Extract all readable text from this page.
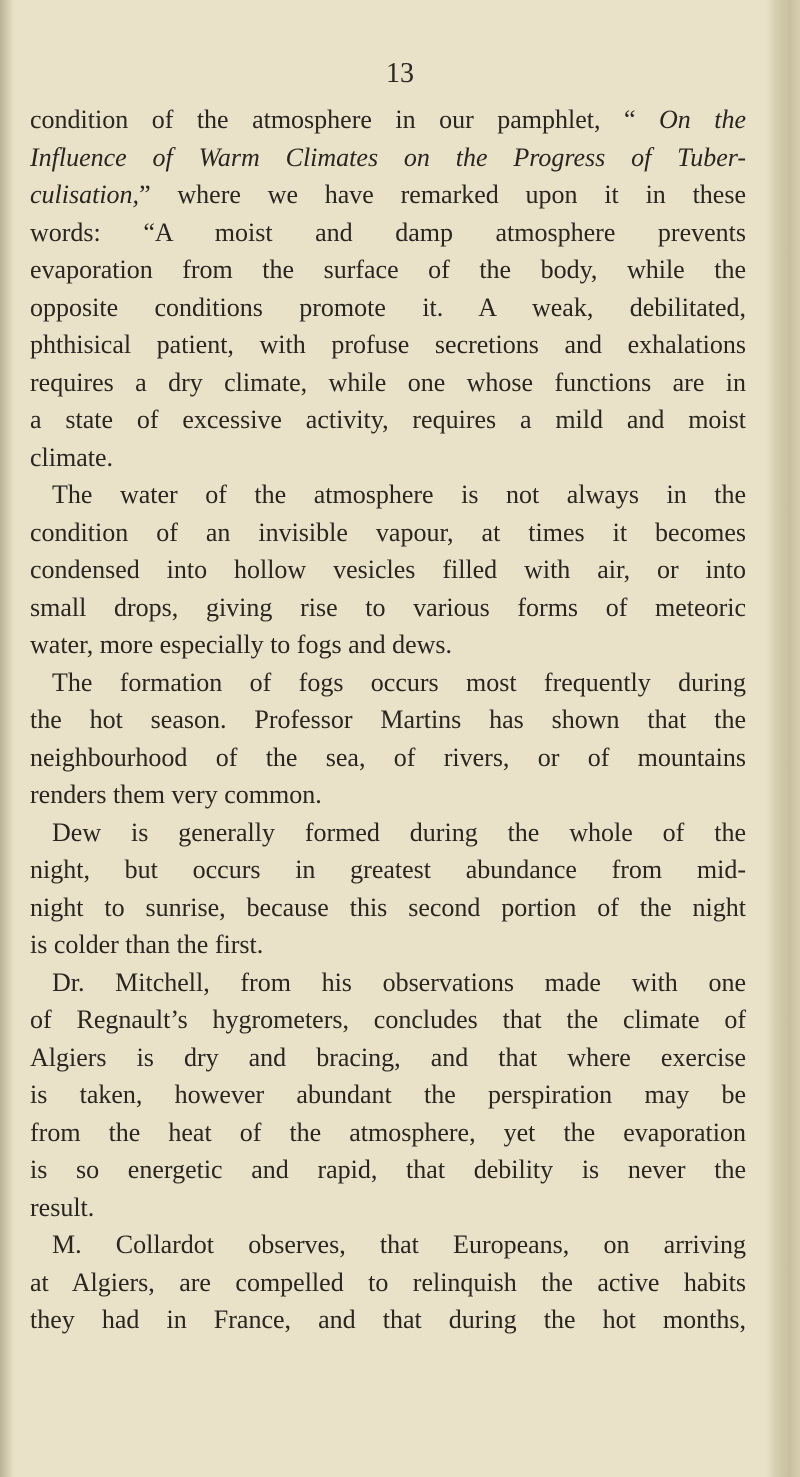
13
condition of the atmosphere in our pamphlet, “ On the
Influence of Warm Climates on the Progress of Tuber-
culisation,” where we have remarked upon it in these
words: “A moist and damp atmosphere prevents
evaporation from the surface of the body, while the
opposite conditions promote it. A weak, debilitated,
phthisical patient, with profuse secretions and exhalations
requires a dry climate, while one whose functions are in
a state of excessive activity, requires a mild and moist
climate.
The water of the atmosphere is not always in the
condition of an invisible vapour, at times it becomes
condensed into hollow vesicles filled with air, or into
small drops, giving rise to various forms of meteoric
water, more especially to fogs and dews.
The formation of fogs occurs most frequently during
the hot season. Professor Martins has shown that the
neighbourhood of the sea, of rivers, or of mountains
renders them very common.
Dew is generally formed during the whole of the
night, but occurs in greatest abundance from mid-
night to sunrise, because this second portion of the night
is colder than the first.
Dr. Mitchell, from his observations made with one
of Regnault’s hygrometers, concludes that the climate of
Algiers is dry and bracing, and that where exercise
is taken, however abundant the perspiration may be
from the heat of the atmosphere, yet the evaporation
is so energetic and rapid, that debility is never the
result.
M. Collardot observes, that Europeans, on arriving
at Algiers, are compelled to relinquish the active habits
they had in France, and that during the hot months,
